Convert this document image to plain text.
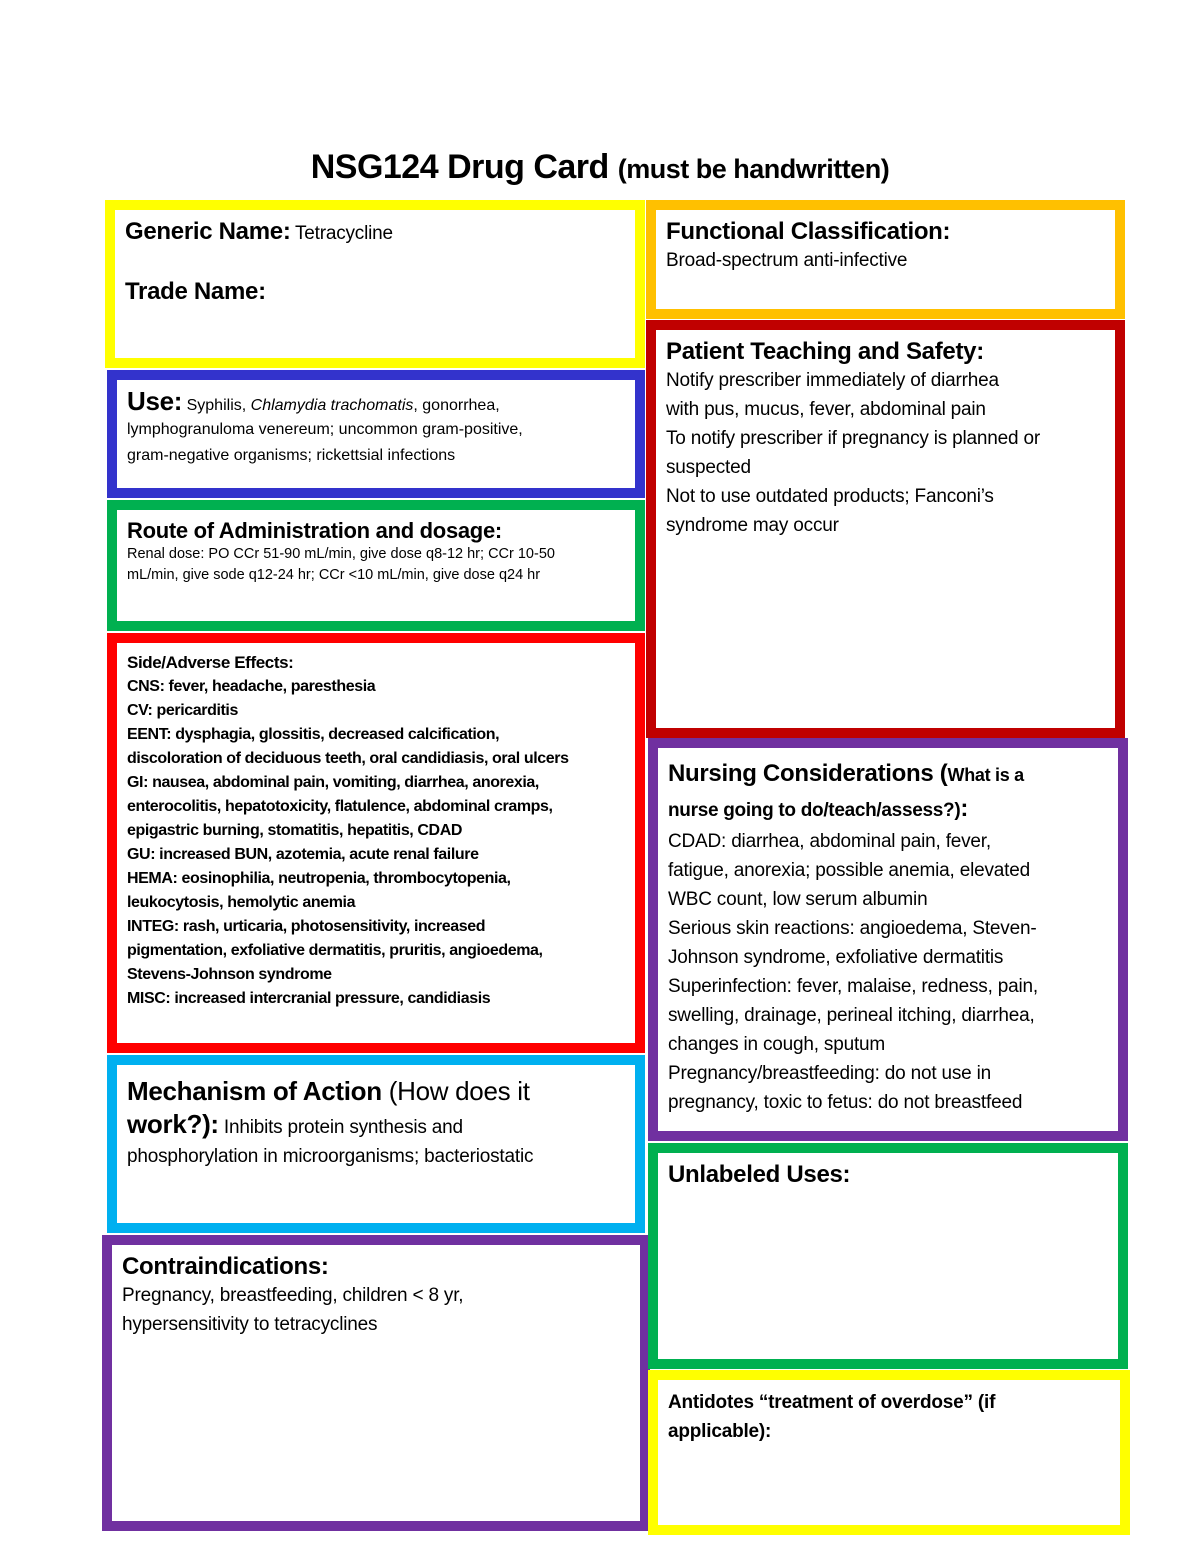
NSG124 Drug Card (must be handwritten)
Generic Name: Tetracycline
Trade Name:
Use: Syphilis, Chlamydia trachomatis, gonorrhea,
lymphogranuloma venereum; uncommon gram-positive,
gram-negative organisms; rickettsial infections
Route of Administration and dosage:
Renal dose: PO CCr 51-90 mL/min, give dose q8-12 hr; CCr 10-50
mL/min, give sode q12-24 hr; CCr <10 mL/min, give dose q24 hr
Side/Adverse Effects:
CNS: fever, headache, paresthesia
CV: pericarditis
EENT: dysphagia, glossitis, decreased calcification,
discoloration of deciduous teeth, oral candidiasis, oral ulcers
GI: nausea, abdominal pain, vomiting, diarrhea, anorexia,
enterocolitis, hepatotoxicity, flatulence, abdominal cramps,
epigastric burning, stomatitis, hepatitis, CDAD
GU: increased BUN, azotemia, acute renal failure
HEMA: eosinophilia, neutropenia, thrombocytopenia,
leukocytosis, hemolytic anemia
INTEG: rash, urticaria, photosensitivity, increased
pigmentation, exfoliative dermatitis, pruritis, angioedema,
Stevens-Johnson syndrome
MISC: increased intercranial pressure, candidiasis
Mechanism of Action (How does it
work?): Inhibits protein synthesis and
phosphorylation in microorganisms; bacteriostatic
Contraindications:
Pregnancy, breastfeeding, children < 8 yr,
hypersensitivity to tetracyclines
Functional Classification:
Broad-spectrum anti-infective
Patient Teaching and Safety:
Notify prescriber immediately of diarrhea
with pus, mucus, fever, abdominal pain
To notify prescriber if pregnancy is planned or
suspected
Not to use outdated products; Fanconi’s
syndrome may occur
Nursing Considerations (What is a
nurse going to do/teach/assess?):
CDAD: diarrhea, abdominal pain, fever,
fatigue, anorexia; possible anemia, elevated
WBC count, low serum albumin
Serious skin reactions: angioedema, Steven-
Johnson syndrome, exfoliative dermatitis
Superinfection: fever, malaise, redness, pain,
swelling, drainage, perineal itching, diarrhea,
changes in cough, sputum
Pregnancy/breastfeeding: do not use in
pregnancy, toxic to fetus: do not breastfeed
Unlabeled Uses:
Antidotes “treatment of overdose” (if
applicable):
